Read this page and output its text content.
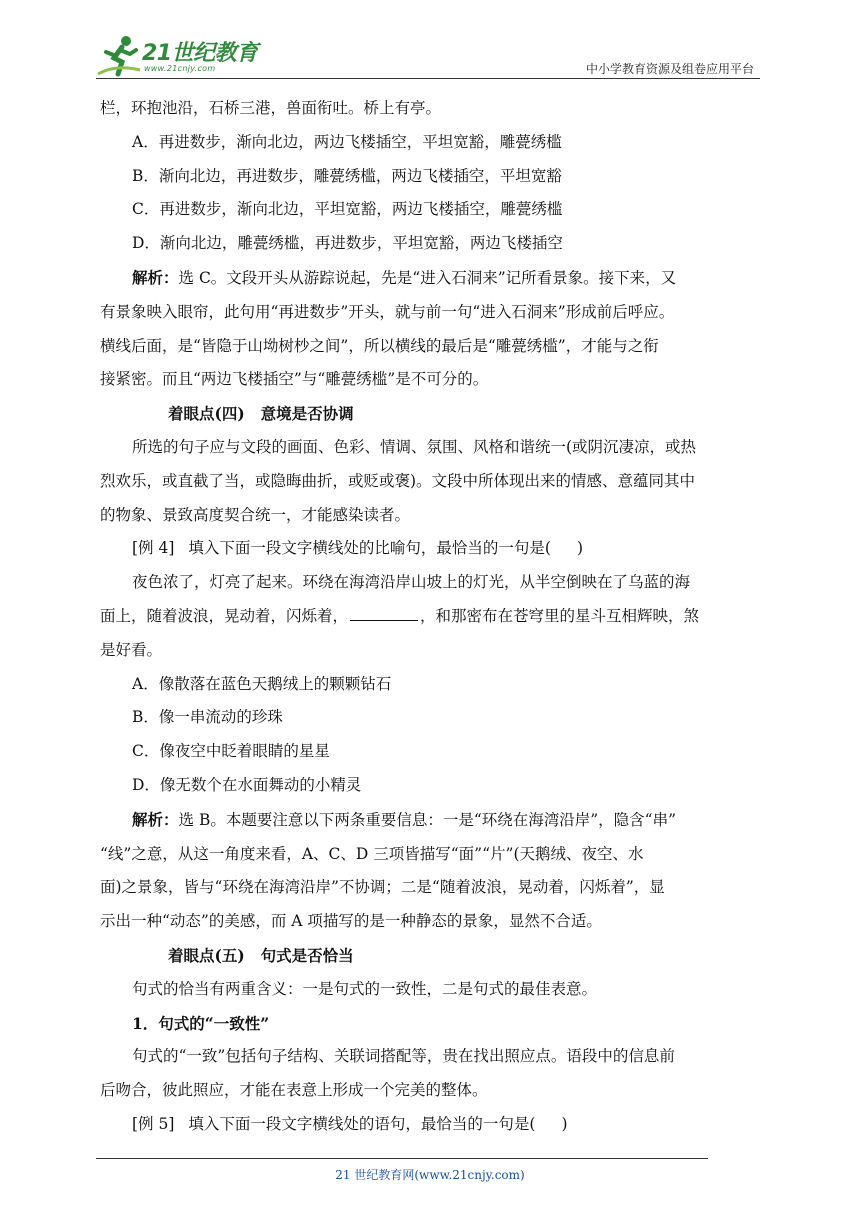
21世纪教育
www.21cnjy.com	中小学教育资源及组卷应用平台

栏，环抱池沿，石桥三港，兽面衔吐。桥上有亭。

A．再进数步，渐向北边，两边飞楼插空，平坦宽豁，雕甍绣槛

B．渐向北边，再进数步，雕甍绣槛，两边飞楼插空，平坦宽豁

C．再进数步，渐向北边，平坦宽豁，两边飞楼插空，雕甍绣槛

D．渐向北边，雕甍绣槛，再进数步，平坦宽豁，两边飞楼插空

解析：选 C。文段开头从游踪说起，先是“进入石洞来”记所看景象。接下来，又

有景象映入眼帘，此句用“再进数步”开头，就与前一句“进入石洞来”形成前后呼应。

横线后面，是“皆隐于山坳树杪之间”，所以横线的最后是“雕甍绣槛”，才能与之衔

接紧密。而且“两边飞楼插空”与“雕甍绣槛”是不可分的。

着眼点(四) 意境是否协调

所选的句子应与文段的画面、色彩、情调、氛围、风格和谐统一(或阴沉凄凉，或热

烈欢乐，或直截了当，或隐晦曲折，或贬或褒)。文段中所体现出来的情感、意蕴同其中

的物象、景致高度契合统一，才能感染读者。

[例 4] 填入下面一段文字横线处的比喻句，最恰当的一句是( )

夜色浓了，灯亮了起来。环绕在海湾沿岸山坡上的灯光，从半空倒映在了乌蓝的海

面上，随着波浪，晃动着，闪烁着，	，和那密布在苍穹里的星斗互相辉映，煞

是好看。

A．像散落在蓝色天鹅绒上的颗颗钻石

B．像一串流动的珍珠

C．像夜空中眨着眼睛的星星

D．像无数个在水面舞动的小精灵

解析：选 B。本题要注意以下两条重要信息：一是“环绕在海湾沿岸”，隐含“串”

“线”之意，从这一角度来看，A、C、D 三项皆描写“面”“片”(天鹅绒、夜空、水

面)之景象，皆与“环绕在海湾沿岸”不协调；二是“随着波浪，晃动着，闪烁着”，显

示出一种“动态”的美感，而 A 项描写的是一种静态的景象，显然不合适。

着眼点(五) 句式是否恰当

句式的恰当有两重含义：一是句式的一致性，二是句式的最佳表意。

1．句式的“一致性”

句式的“一致”包括句子结构、关联词搭配等，贵在找出照应点。语段中的信息前

后吻合，彼此照应，才能在表意上形成一个完美的整体。

[例 5] 填入下面一段文字横线处的语句，最恰当的一句是( )

21 世纪教育网(www.21cnjy.com)
